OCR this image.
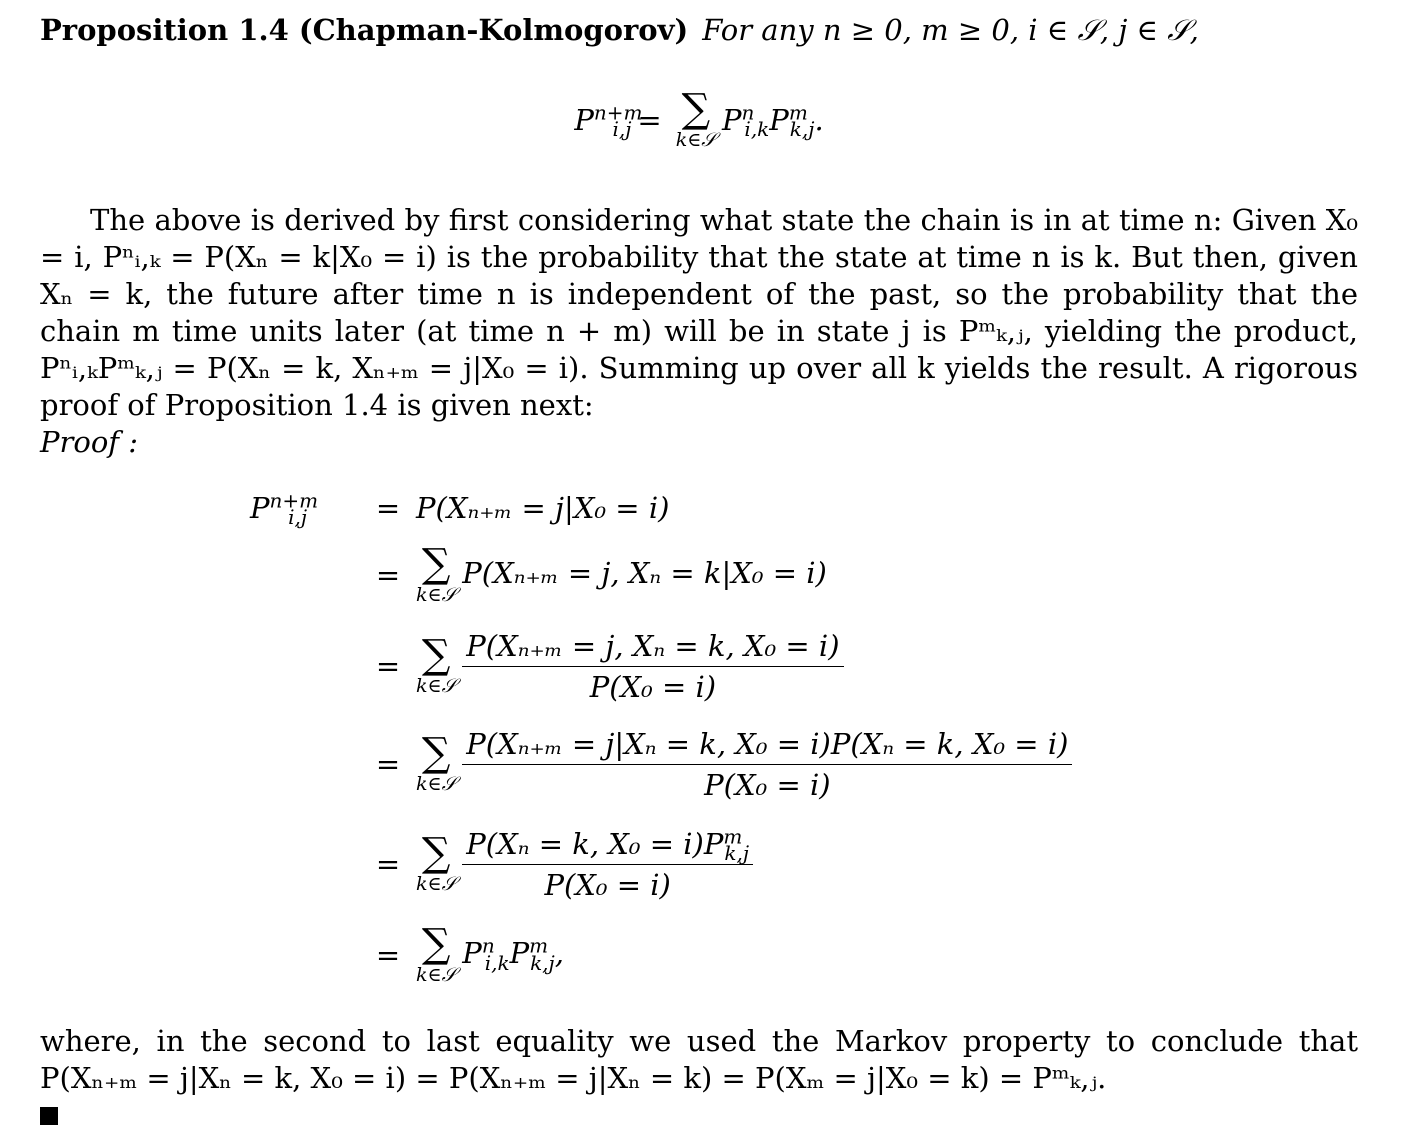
Proposition 1.4 (Chapman-Kolmogorov) For any n ≥ 0, m ≥ 0, i ∈ 𝒮, j ∈ 𝒮,
$P^{n+m}_{i,j}$ = ∑
k∈𝒮
$P^n_{i,k}P^m_{k,j}$.

The above is derived by first considering what state the chain is in at time n: Given X₀ = i, Pⁿᵢ,ₖ = P(Xₙ = k|X₀ = i) is the probability that the state at time n is k. But then, given Xₙ = k, the future after time n is independent of the past, so the probability that the chain m time units later (at time n + m) will be in state j is Pᵐₖ,ⱼ, yielding the product, Pⁿᵢ,ₖPᵐₖ,ⱼ = P(Xₙ = k, Xₙ₊ₘ = j|X₀ = i). Summing up over all k yields the result. A rigorous proof of Proposition 1.4 is given next:

Proof :
$P^{n+m}_{i,j}$	=	P(Xₙ₊ₘ = j|X₀ = i)
	=	∑
k∈𝒮
P(Xₙ₊ₘ = j, Xₙ = k|X₀ = i)
	=	∑
k∈𝒮 $\frac{\text{P(Xₙ₊ₘ = j, Xₙ = k, X₀ = i)}}{\text{P(X₀ = i)}}$

	=	∑
k∈𝒮 $\frac{\text{P(Xₙ₊ₘ = j|Xₙ = k, X₀ = i)P(Xₙ = k, X₀ = i)}}{\text{P(X₀ = i)}}$

	=	∑
k∈𝒮 $\frac{P(X_n = k, X_0 = i)P^m_{k,j}}{\text{P(X₀ = i)}}$

	=	∑
k∈𝒮
$P^n_{i,k}P^m_{k,j}$,

where, in the second to last equality we used the Markov property to conclude that P(Xₙ₊ₘ = j|Xₙ = k, X₀ = i) = P(Xₙ₊ₘ = j|Xₙ = k) = P(Xₘ = j|X₀ = k) = Pᵐₖ,ⱼ.
